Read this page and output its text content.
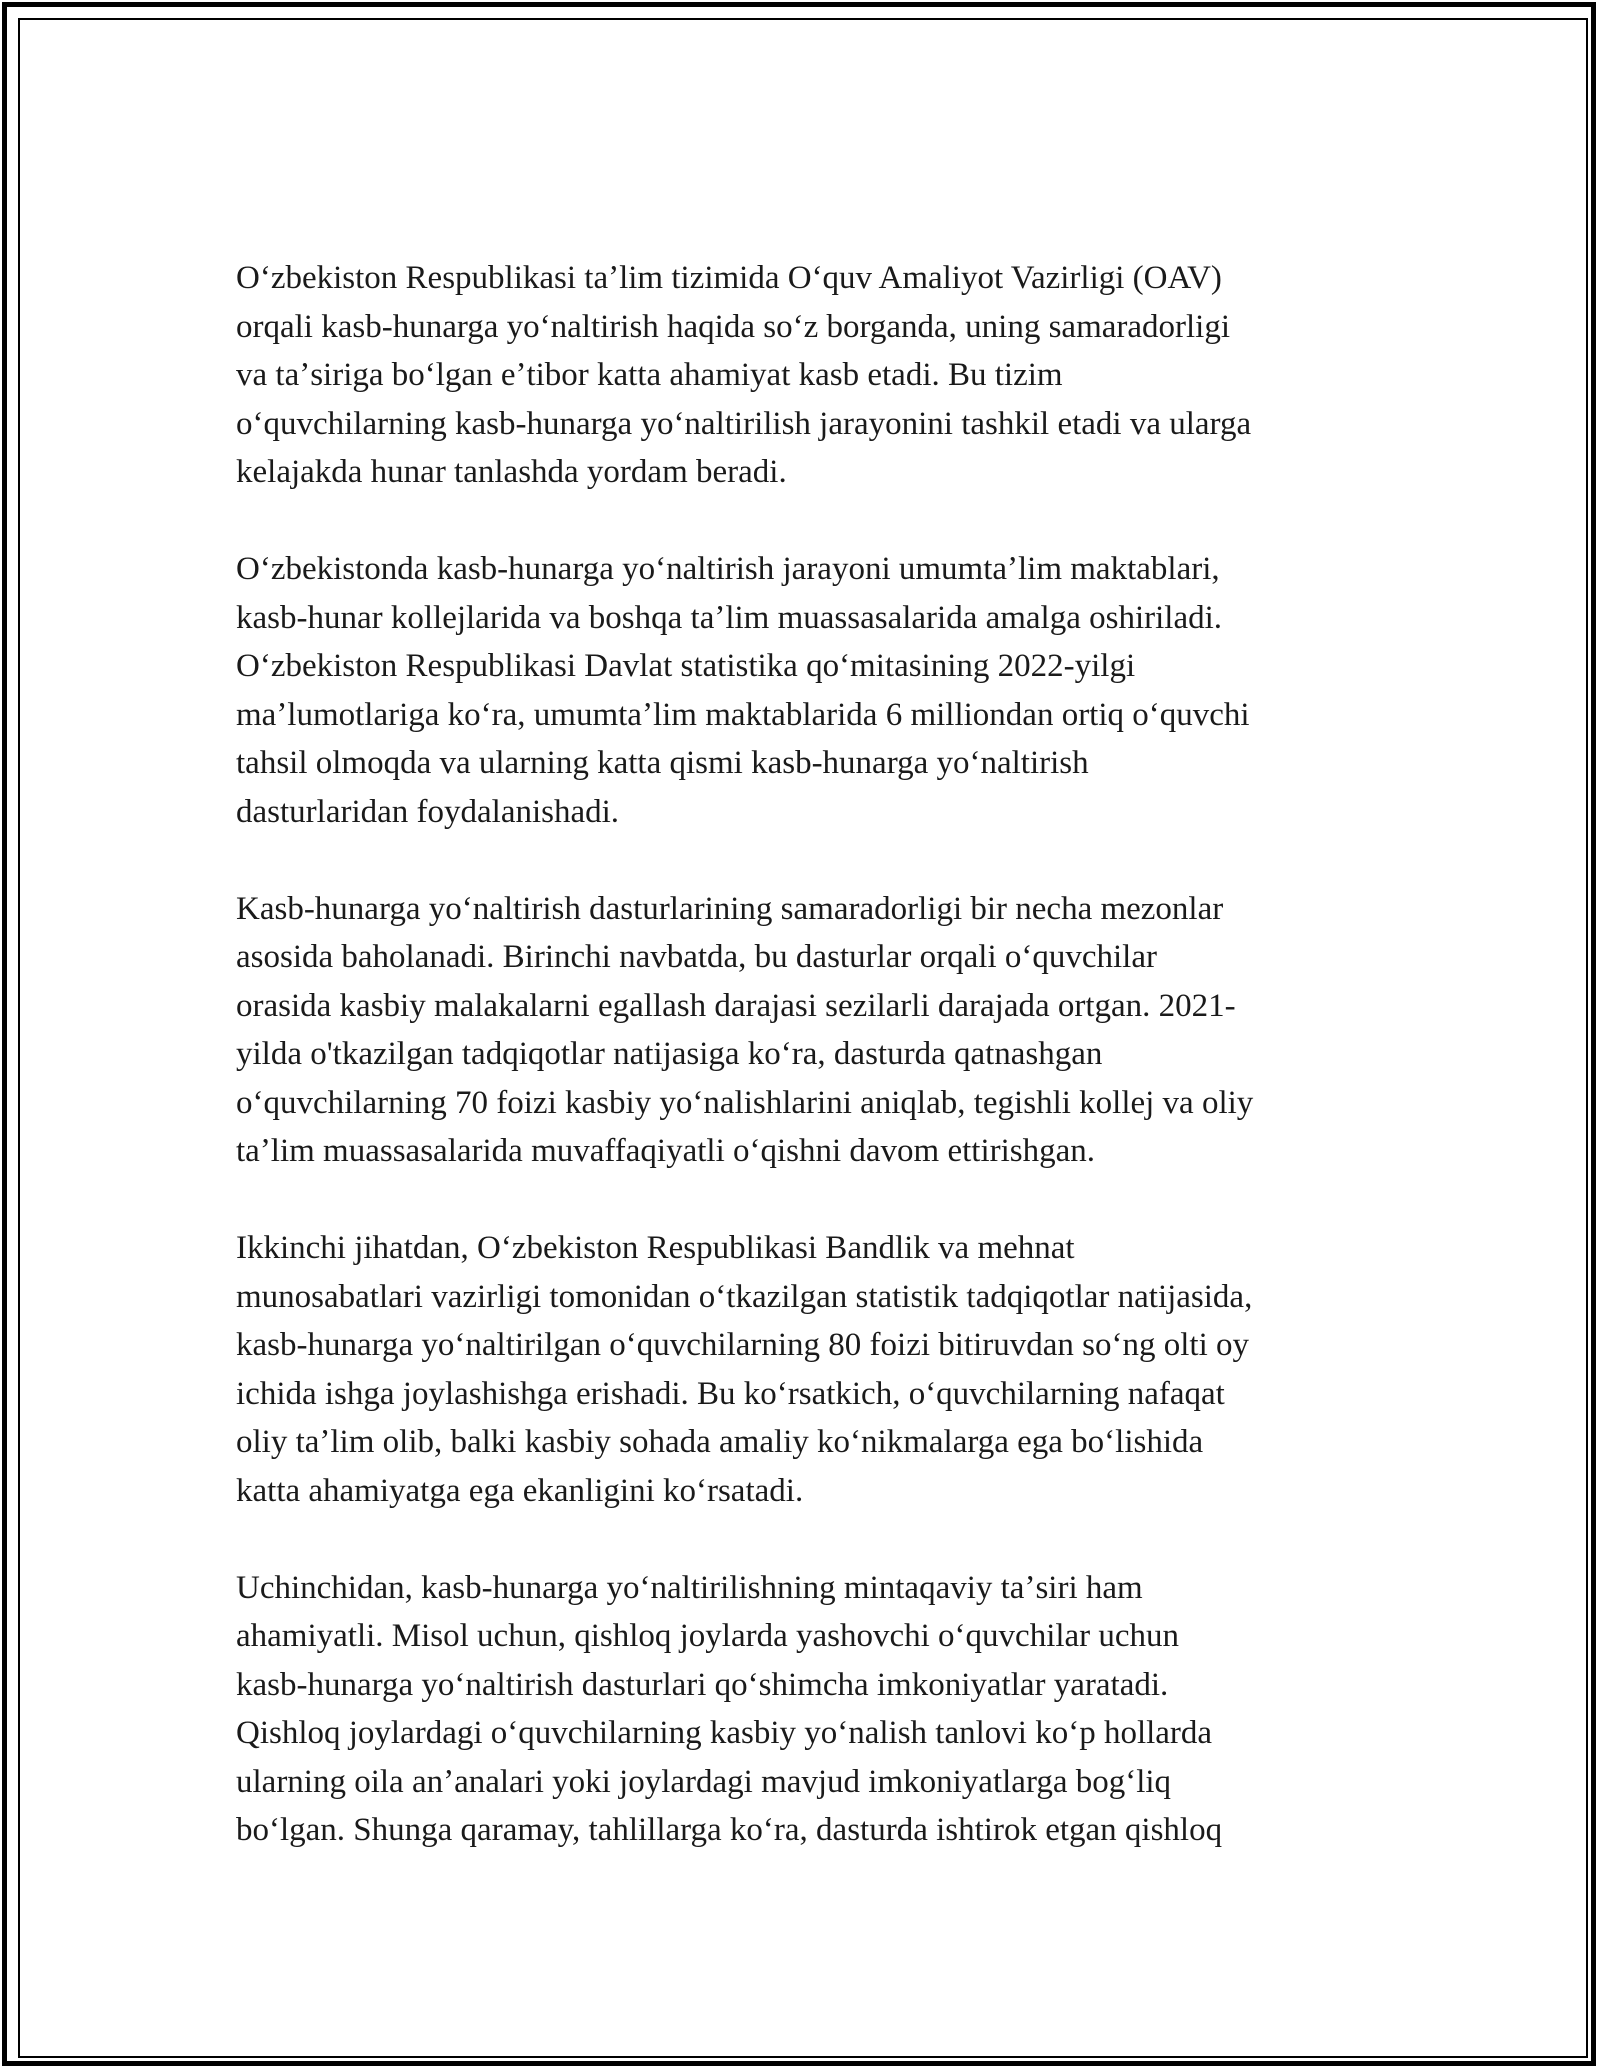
Oʻzbekiston Respublikasi taʼlim tizimida Oʻquv Amaliyot Vazirligi (OAV)
orqali kasb-hunarga yoʻnaltirish haqida soʻz borganda, uning samaradorligi
va taʼsiriga boʻlgan eʼtibor katta ahamiyat kasb etadi. Bu tizim
oʻquvchilarning kasb-hunarga yoʻnaltirilish jarayonini tashkil etadi va ularga
kelajakda hunar tanlashda yordam beradi.

Oʻzbekistonda kasb-hunarga yoʻnaltirish jarayoni umumtaʼlim maktablari,
kasb-hunar kollejlarida va boshqa taʼlim muassasalarida amalga oshiriladi.
Oʻzbekiston Respublikasi Davlat statistika qoʻmitasining 2022-yilgi
maʼlumotlariga koʻra, umumtaʼlim maktablarida 6 milliondan ortiq oʻquvchi
tahsil olmoqda va ularning katta qismi kasb-hunarga yoʻnaltirish
dasturlaridan foydalanishadi.

Kasb-hunarga yoʻnaltirish dasturlarining samaradorligi bir necha mezonlar
asosida baholanadi. Birinchi navbatda, bu dasturlar orqali oʻquvchilar
orasida kasbiy malakalarni egallash darajasi sezilarli darajada ortgan. 2021-
yilda o'tkazilgan tadqiqotlar natijasiga koʻra, dasturda qatnashgan
oʻquvchilarning 70 foizi kasbiy yoʻnalishlarini aniqlab, tegishli kollej va oliy
taʼlim muassasalarida muvaffaqiyatli oʻqishni davom ettirishgan.

Ikkinchi jihatdan, Oʻzbekiston Respublikasi Bandlik va mehnat
munosabatlari vazirligi tomonidan oʻtkazilgan statistik tadqiqotlar natijasida,
kasb-hunarga yoʻnaltirilgan oʻquvchilarning 80 foizi bitiruvdan soʻng olti oy
ichida ishga joylashishga erishadi. Bu koʻrsatkich, oʻquvchilarning nafaqat
oliy taʼlim olib, balki kasbiy sohada amaliy koʻnikmalarga ega boʻlishida
katta ahamiyatga ega ekanligini koʻrsatadi.

Uchinchidan, kasb-hunarga yoʻnaltirilishning mintaqaviy taʼsiri ham
ahamiyatli. Misol uchun, qishloq joylarda yashovchi oʻquvchilar uchun
kasb-hunarga yoʻnaltirish dasturlari qoʻshimcha imkoniyatlar yaratadi.
Qishloq joylardagi oʻquvchilarning kasbiy yoʻnalish tanlovi koʻp hollarda
ularning oila anʼanalari yoki joylardagi mavjud imkoniyatlarga bogʻliq
boʻlgan. Shunga qaramay, tahlillarga koʻra, dasturda ishtirok etgan qishloq
